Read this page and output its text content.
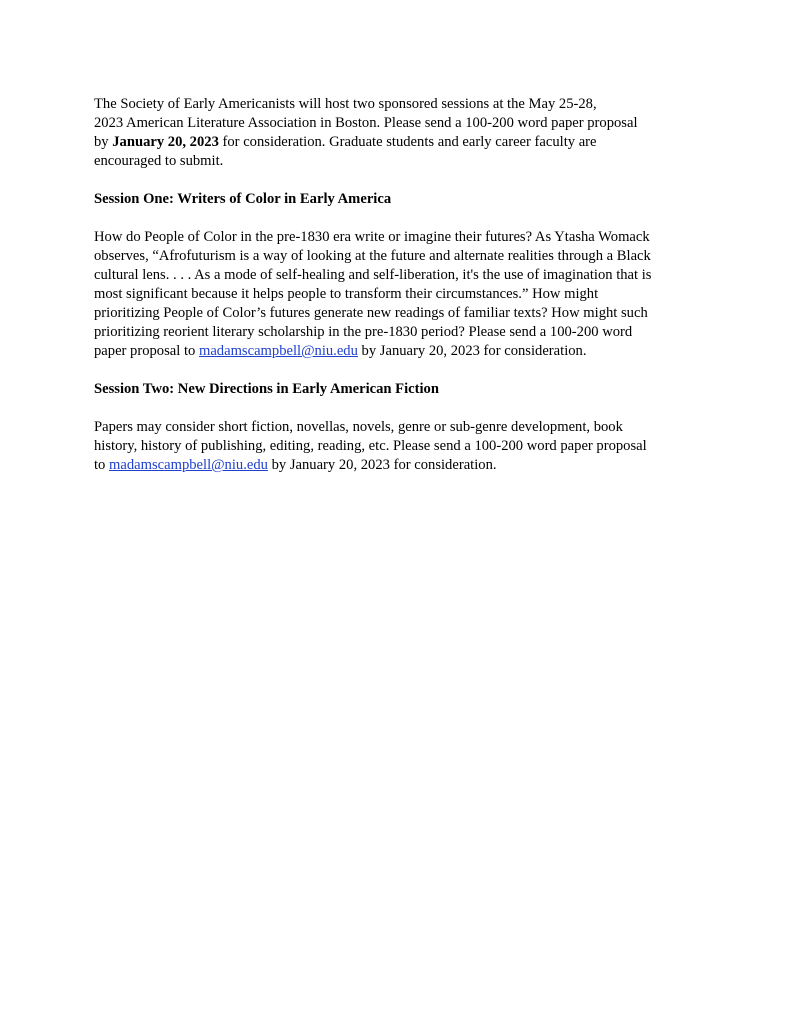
The Society of Early Americanists will host two sponsored sessions at the May 25-28,
2023 American Literature Association in Boston. Please send a 100-200 word paper proposal
by January 20, 2023 for consideration. Graduate students and early career faculty are
encouraged to submit.

Session One: Writers of Color in Early America

How do People of Color in the pre-1830 era write or imagine their futures? As Ytasha Womack
observes, “Afrofuturism is a way of looking at the future and alternate realities through a Black
cultural lens. . . . As a mode of self-healing and self-liberation, it's the use of imagination that is
most significant because it helps people to transform their circumstances.” How might
prioritizing People of Color’s futures generate new readings of familiar texts? How might such
prioritizing reorient literary scholarship in the pre-1830 period? Please send a 100-200 word
paper proposal to madamscampbell@niu.edu by January 20, 2023 for consideration.

Session Two: New Directions in Early American Fiction

Papers may consider short fiction, novellas, novels, genre or sub-genre development, book
history, history of publishing, editing, reading, etc. Please send a 100-200 word paper proposal
to madamscampbell@niu.edu by January 20, 2023 for consideration.
